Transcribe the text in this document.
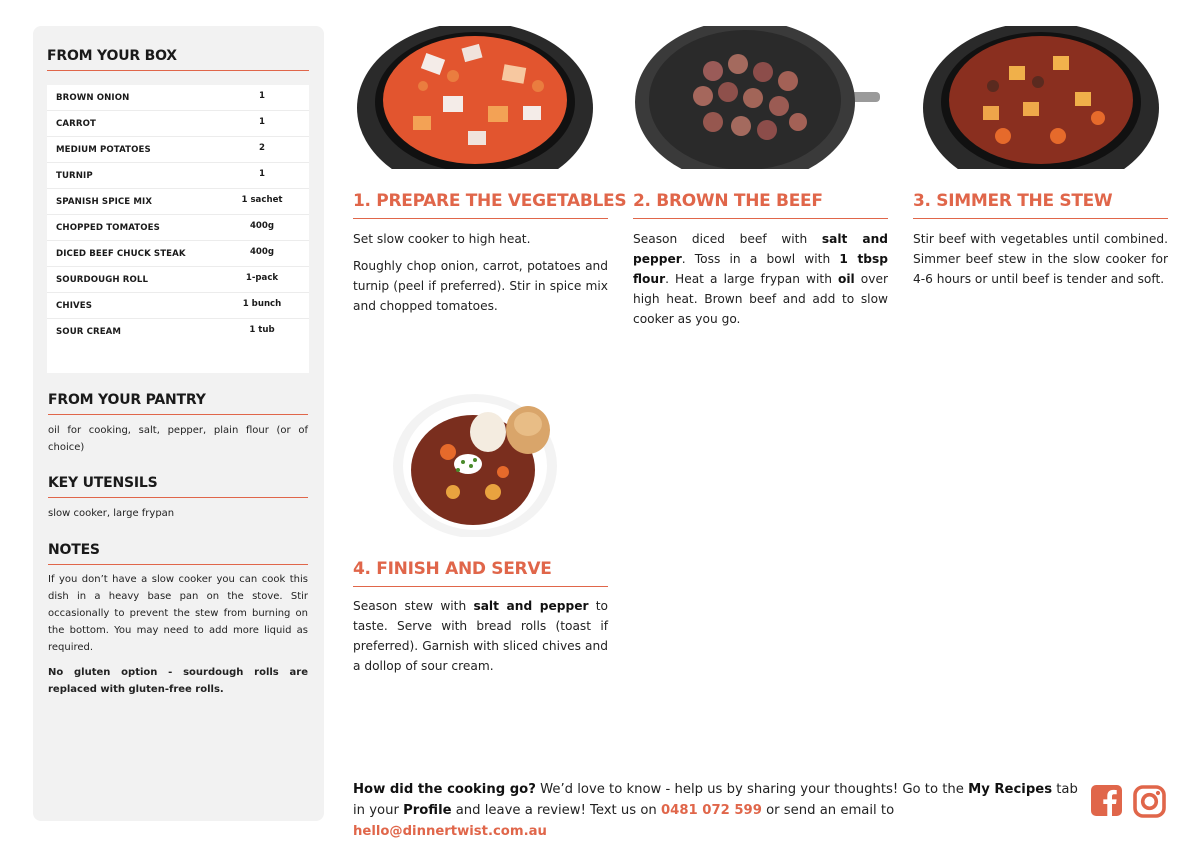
FROM YOUR BOX
BROWN ONION	1
CARROT	1
MEDIUM POTATOES	2
TURNIP	1
SPANISH SPICE MIX	1 sachet
CHOPPED TOMATOES	400g
DICED BEEF CHUCK STEAK	400g
SOURDOUGH ROLL	1-pack
CHIVES	1 bunch
SOUR CREAM	1 tub
FROM YOUR PANTRY
oil for cooking, salt, pepper, plain flour (or of choice)
KEY UTENSILS
slow cooker, large frypan
NOTES
If you don’t have a slow cooker you can cook this dish in a heavy base pan on the stove. Stir occasionally to prevent the stew from burning on the bottom. You may need to add more liquid as required.
No gluten option - sourdough rolls are replaced with gluten-free rolls.
1. PREPARE THE VEGETABLES
Set slow cooker to high heat.
Roughly chop onion, carrot, potatoes and turnip (peel if preferred). Stir in spice mix and chopped tomatoes.
2. BROWN THE BEEF
Season diced beef with salt and pepper. Toss in a bowl with 1 tbsp flour. Heat a large frypan with oil over high heat. Brown beef and add to slow cooker as you go.
3. SIMMER THE STEW
Stir beef with vegetables until combined. Simmer beef stew in the slow cooker for 4-6 hours or until beef is tender and soft.
4. FINISH AND SERVE
Season stew with salt and pepper to taste. Serve with bread rolls (toast if preferred). Garnish with sliced chives and a dollop of sour cream.
How did the cooking go? We’d love to know - help us by sharing your thoughts! Go to the My Recipes tab in your Profile and leave a review! Text us on 0481 072 599 or send an email to hello@dinnertwist.com.au
